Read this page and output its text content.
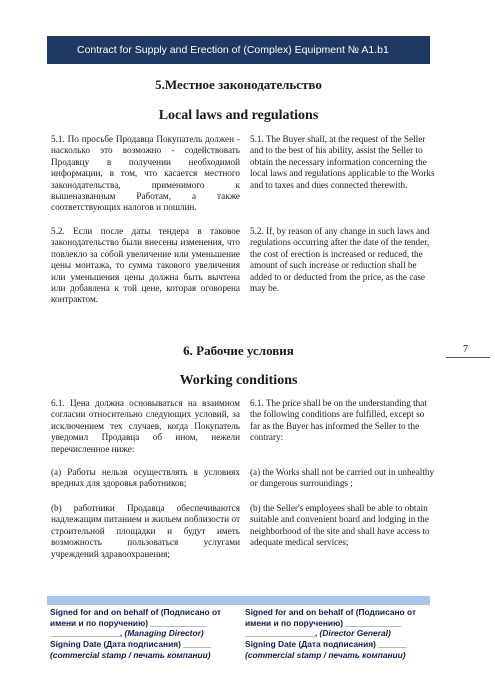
Contract for Supply and Erection of (Complex) Equipment № A1.b1
5.Местное законодательство
Local laws and regulations

5.1. По просьбе Продавца Покупатель должен - насколько это возможно - содействовать Продавцу в получении необходимой информации, в том, что касается местного законодательства, применимого к вышеназванным Работам, а также соответствующих налогов и пошлин.

5.1. The Buyer shall, at the request of the Seller and to the best of his ability, assist the Seller to obtain the necessary information concerning the local laws and regulations applicable to the Works and to taxes and dues connected therewith.

5.2. Если после даты тендера в таковое законодательство были внесены изменения, что повлекло за собой увеличение или уменьшение цены монтажа, то сумма такового увеличения или уменьшения цены должна быть вычтена или добавлена к той цене, которая оговорена контрактом.

5.2. If, by reason of any change in such laws and regulations occurring after the date of the tender, the cost of erection is increased or reduced, the amount of such increase or reduction shall be added to or deducted from the price, as the case may be.

7
6. Рабочие условия
Working conditions

6.1. Цена должна основываться на взаимном согласии относительно следующих условий, за исключением тех случаев, когда Покупатель уведомил Продавца об ином, нежели перечисленное ниже:

6.1. The price shall be on the understanding that the following conditions are fulfilled, except so far as the Buyer has informed the Seller to the contrary:

(а) Работы нельзя осуществлять в условиях вредных для здоровья работников;

(a) the Works shall not be carried out in unhealthy or dangerous surroundings ;

(b) работники Продавца обеспечиваются надлежащим питанием и жильем поблизости от строительной площадки и будут иметь возможность пользоваться услугами учреждений здравоохранения;

(b) the Seller's employees shall be able to obtain suitable and convenient board and lodging in the neighborhood of the site and shall have access to adequate medical services;

Signed for and on behalf of (Подписано от
имени и по поручению) ____________
_______________, (Managing Director)
Signing Date (Дата подписания) ______
(commercial stamp / печать компании)
Signed for and on behalf of (Подписано от
имени и по поручению) ____________
_______________, (Director General)
Signing Date (Дата подписания) ______
(commercial stamp / печать компании)
